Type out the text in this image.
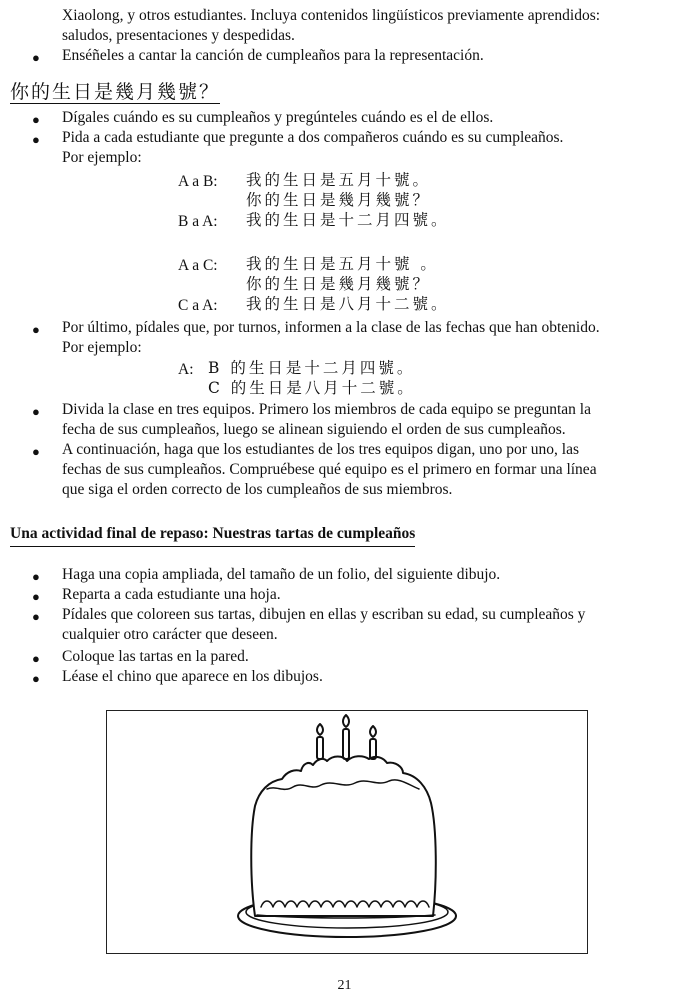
Xiaolong, y otros estudiantes. Incluya contenidos lingüísticos previamente aprendidos:
saludos, presentaciones y despedidas.
● Enséñeles a cantar la canción de cumpleaños para la representación.
你的生日是幾月幾號？
● Dígales cuándo es su cumpleaños y pregúnteles cuándo es el de ellos.
● Pida a cada estudiante que pregunte a dos compañeros cuándo es su cumpleaños.
Por ejemplo:
A a B: 我的生日是五月十號。
你的生日是幾月幾號？
B a A: 我的生日是十二月四號。
A a C: 我的生日是五月十號 。
你的生日是幾月幾號？
C a A: 我的生日是八月十二號。
● Por último, pídales que, por turnos, informen a la clase de las fechas que han obtenido.
Por ejemplo:
A: B 的生日是十二月四號。
C 的生日是八月十二號。
● Divida la clase en tres equipos. Primero los miembros de cada equipo se preguntan la
fecha de sus cumpleaños, luego se alinean siguiendo el orden de sus cumpleaños.
● A continuación, haga que los estudiantes de los tres equipos digan, uno por uno, las
fechas de sus cumpleaños. Compruébese qué equipo es el primero en formar una línea
que siga el orden correcto de los cumpleaños de sus miembros.
Una actividad final de repaso: Nuestras tartas de cumpleaños
● Haga una copia ampliada, del tamaño de un folio, del siguiente dibujo.
● Reparta a cada estudiante una hoja.
● Pídales que coloreen sus tartas, dibujen en ellas y escriban su edad, su cumpleaños y
cualquier otro carácter que deseen.
● Coloque las tartas en la pared.
● Léase el chino que aparece en los dibujos.
21
